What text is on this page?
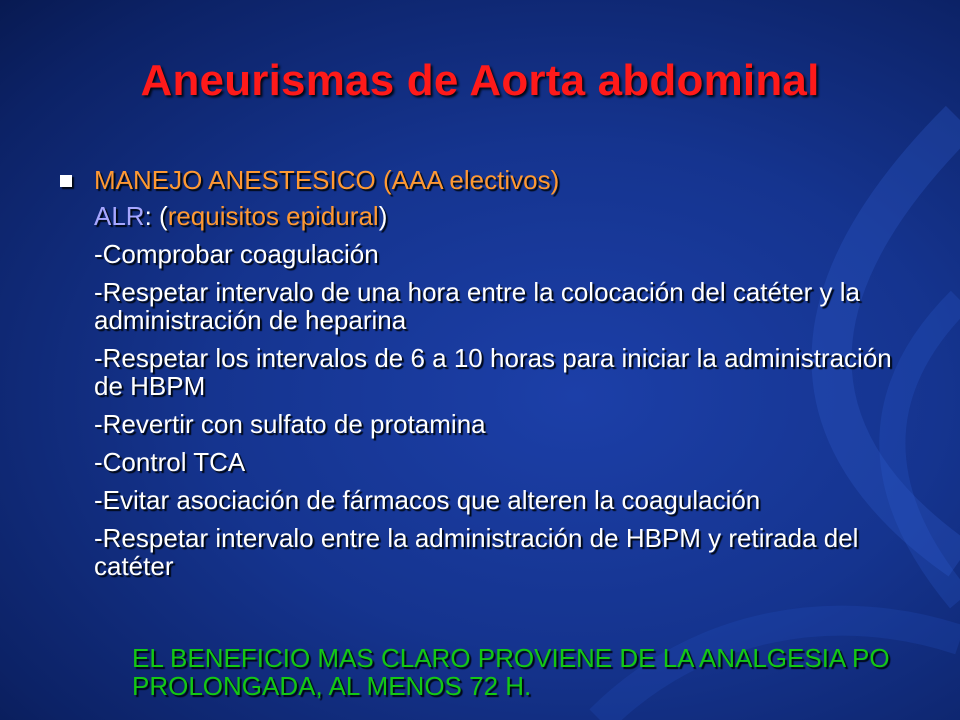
Aneurismas de Aorta abdominal
MANEJO ANESTESICO (AAA electivos)
ALR: (requisitos epidural)
-Comprobar coagulación
-Respetar intervalo de una hora entre la colocación del catéter y la administración de heparina
-Respetar los intervalos de 6 a 10 horas para iniciar la administración de HBPM
-Revertir con sulfato de protamina
-Control TCA
-Evitar asociación de fármacos que alteren la coagulación
-Respetar intervalo entre la administración de HBPM y retirada del catéter
EL BENEFICIO MAS CLARO PROVIENE DE LA ANALGESIA PO PROLONGADA, AL MENOS 72 H.
